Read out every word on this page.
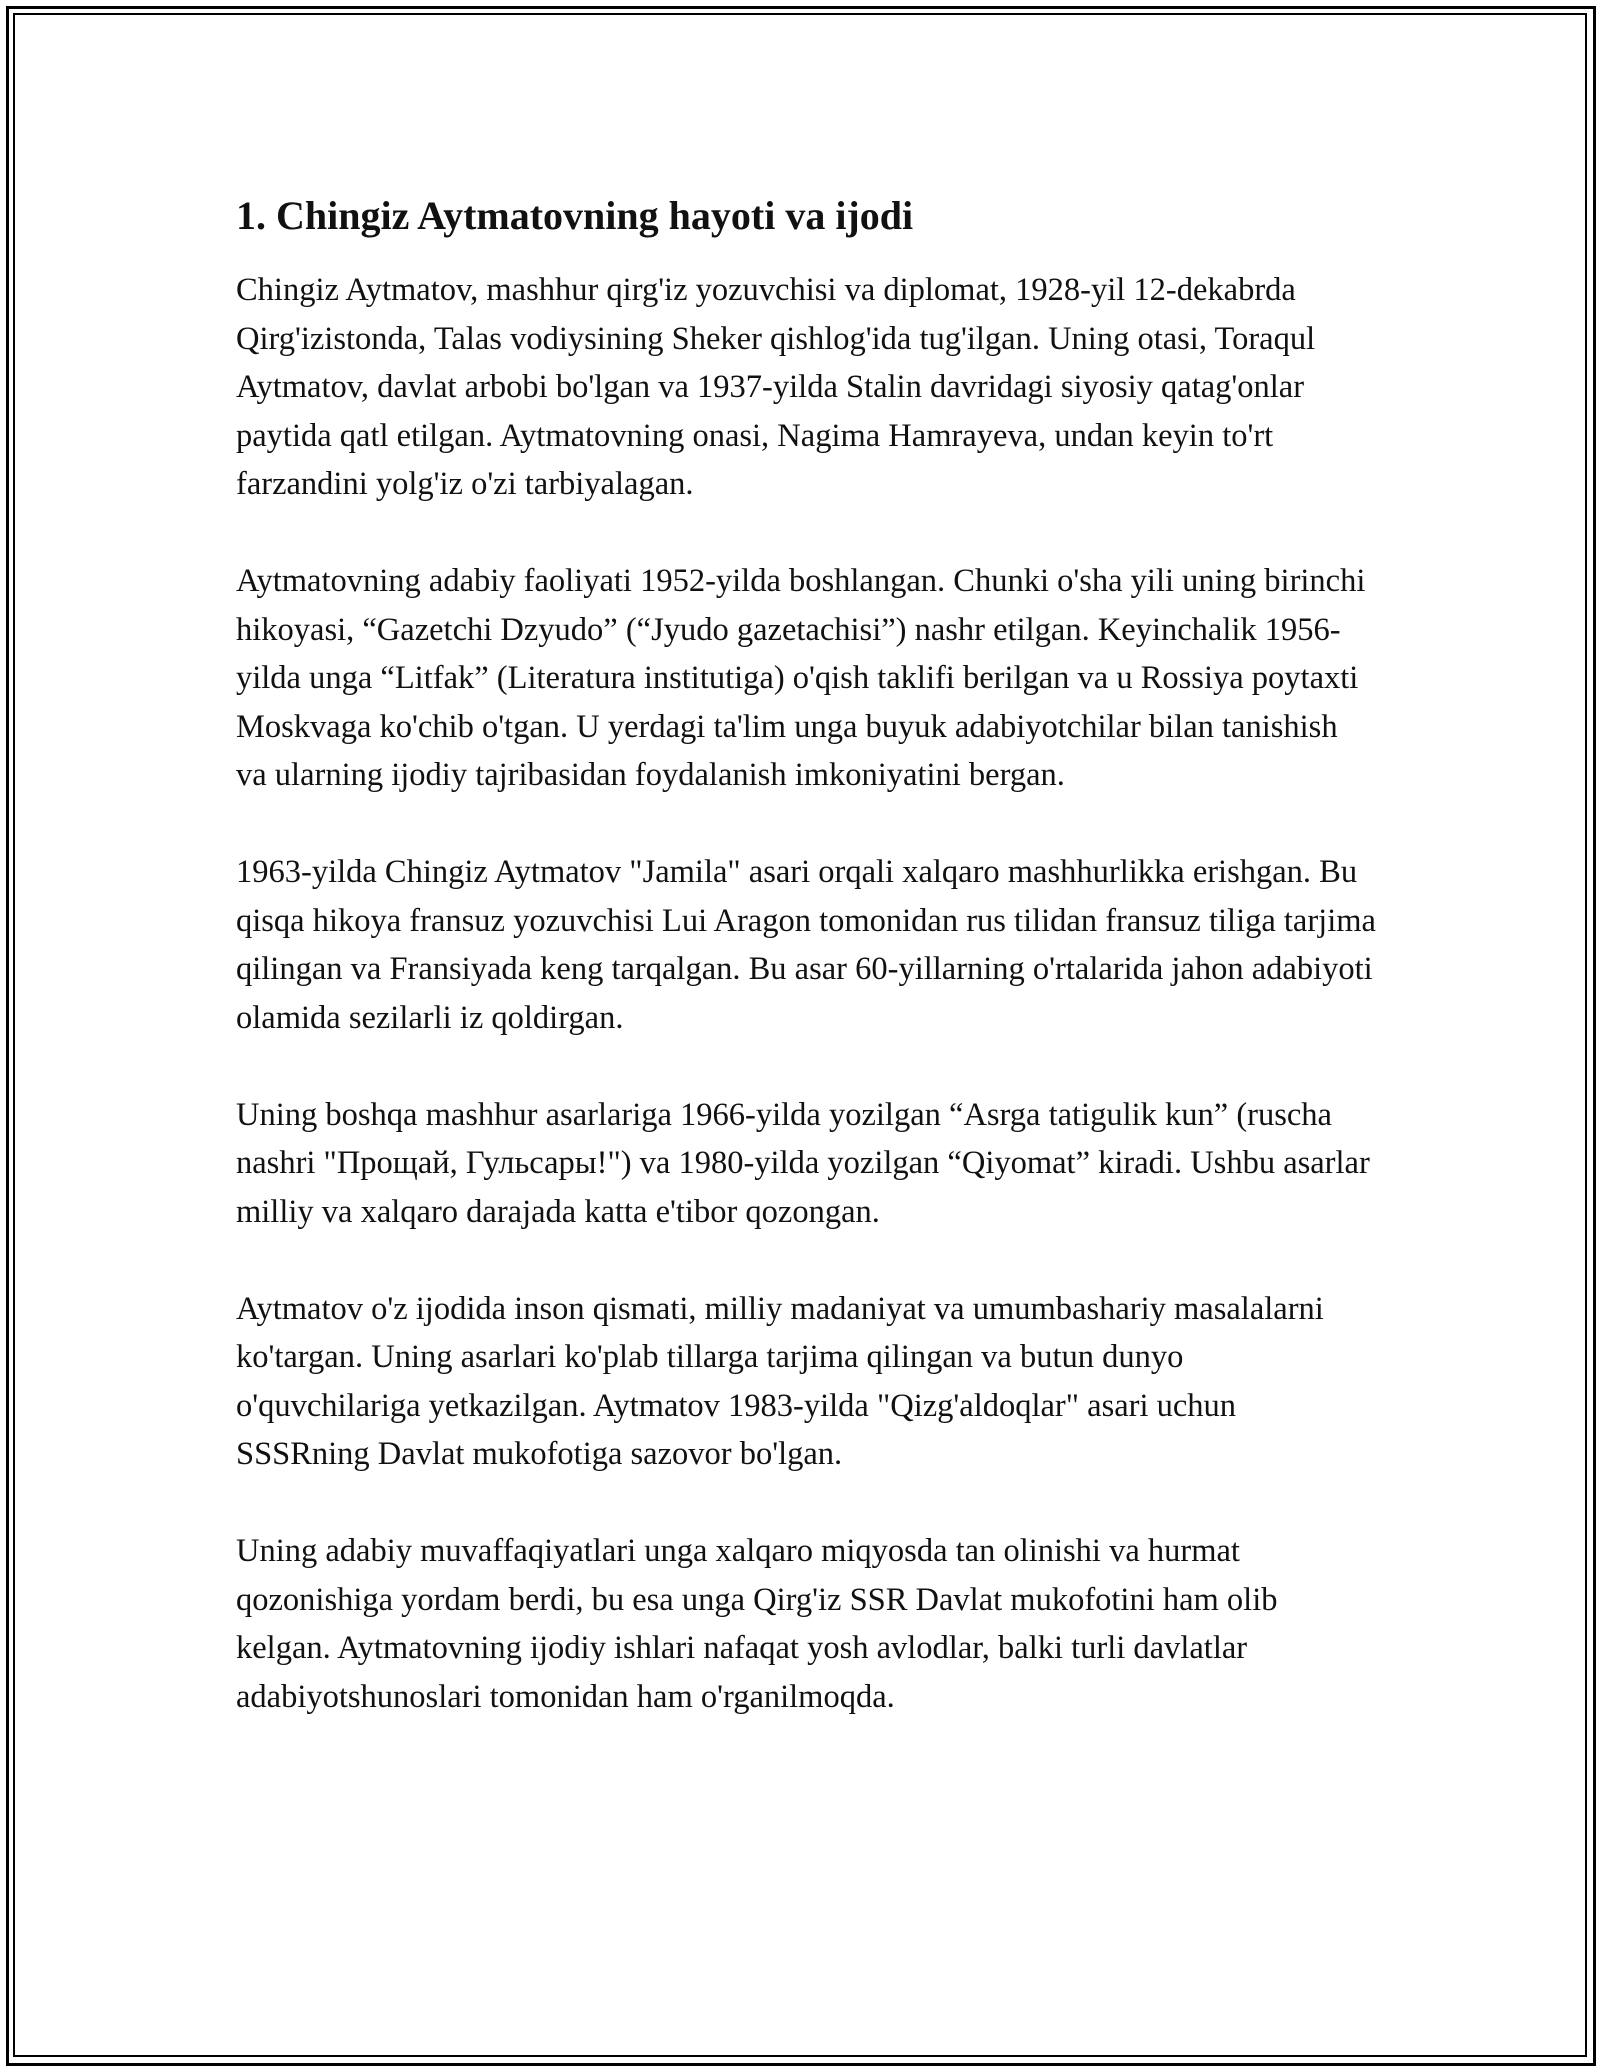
1. Chingiz Aytmatovning hayoti va ijodi

Chingiz Aytmatov, mashhur qirg'iz yozuvchisi va diplomat, 1928-yil 12-dekabrda Qirg'izistonda, Talas vodiysining Sheker qishlog'ida tug'ilgan. Uning otasi, Toraqul Aytmatov, davlat arbobi bo'lgan va 1937-yilda Stalin davridagi siyosiy qatag'onlar paytida qatl etilgan. Aytmatovning onasi, Nagima Hamrayeva, undan keyin to'rt farzandini yolg'iz o'zi tarbiyalagan.

Aytmatovning adabiy faoliyati 1952-yilda boshlangan. Chunki o'sha yili uning birinchi hikoyasi, “Gazetchi Dzyudo” (“Jyudo gazetachisi”) nashr etilgan. Keyinchalik 1956-yilda unga “Litfak” (Literatura institutiga) o'qish taklifi berilgan va u Rossiya poytaxti Moskvaga ko'chib o'tgan. U yerdagi ta'lim unga buyuk adabiyotchilar bilan tanishish va ularning ijodiy tajribasidan foydalanish imkoniyatini bergan.

1963-yilda Chingiz Aytmatov "Jamila" asari orqali xalqaro mashhurlikka erishgan. Bu qisqa hikoya fransuz yozuvchisi Lui Aragon tomonidan rus tilidan fransuz tiliga tarjima qilingan va Fransiyada keng tarqalgan. Bu asar 60-yillarning o'rtalarida jahon adabiyoti olamida sezilarli iz qoldirgan.

Uning boshqa mashhur asarlariga 1966-yilda yozilgan “Asrga tatigulik kun” (ruscha nashri "Прощай, Гульсары!") va 1980-yilda yozilgan “Qiyomat” kiradi. Ushbu asarlar milliy va xalqaro darajada katta e'tibor qozongan.

Aytmatov o'z ijodida inson qismati, milliy madaniyat va umumbashariy masalalarni ko'targan. Uning asarlari ko'plab tillarga tarjima qilingan va butun dunyo o'quvchilariga yetkazilgan. Aytmatov 1983-yilda "Qizg'aldoqlar" asari uchun SSSRning Davlat mukofotiga sazovor bo'lgan.

Uning adabiy muvaffaqiyatlari unga xalqaro miqyosda tan olinishi va hurmat qozonishiga yordam berdi, bu esa unga Qirg'iz SSR Davlat mukofotini ham olib kelgan. Aytmatovning ijodiy ishlari nafaqat yosh avlodlar, balki turli davlatlar adabiyotshunoslari tomonidan ham o'rganilmoqda.
